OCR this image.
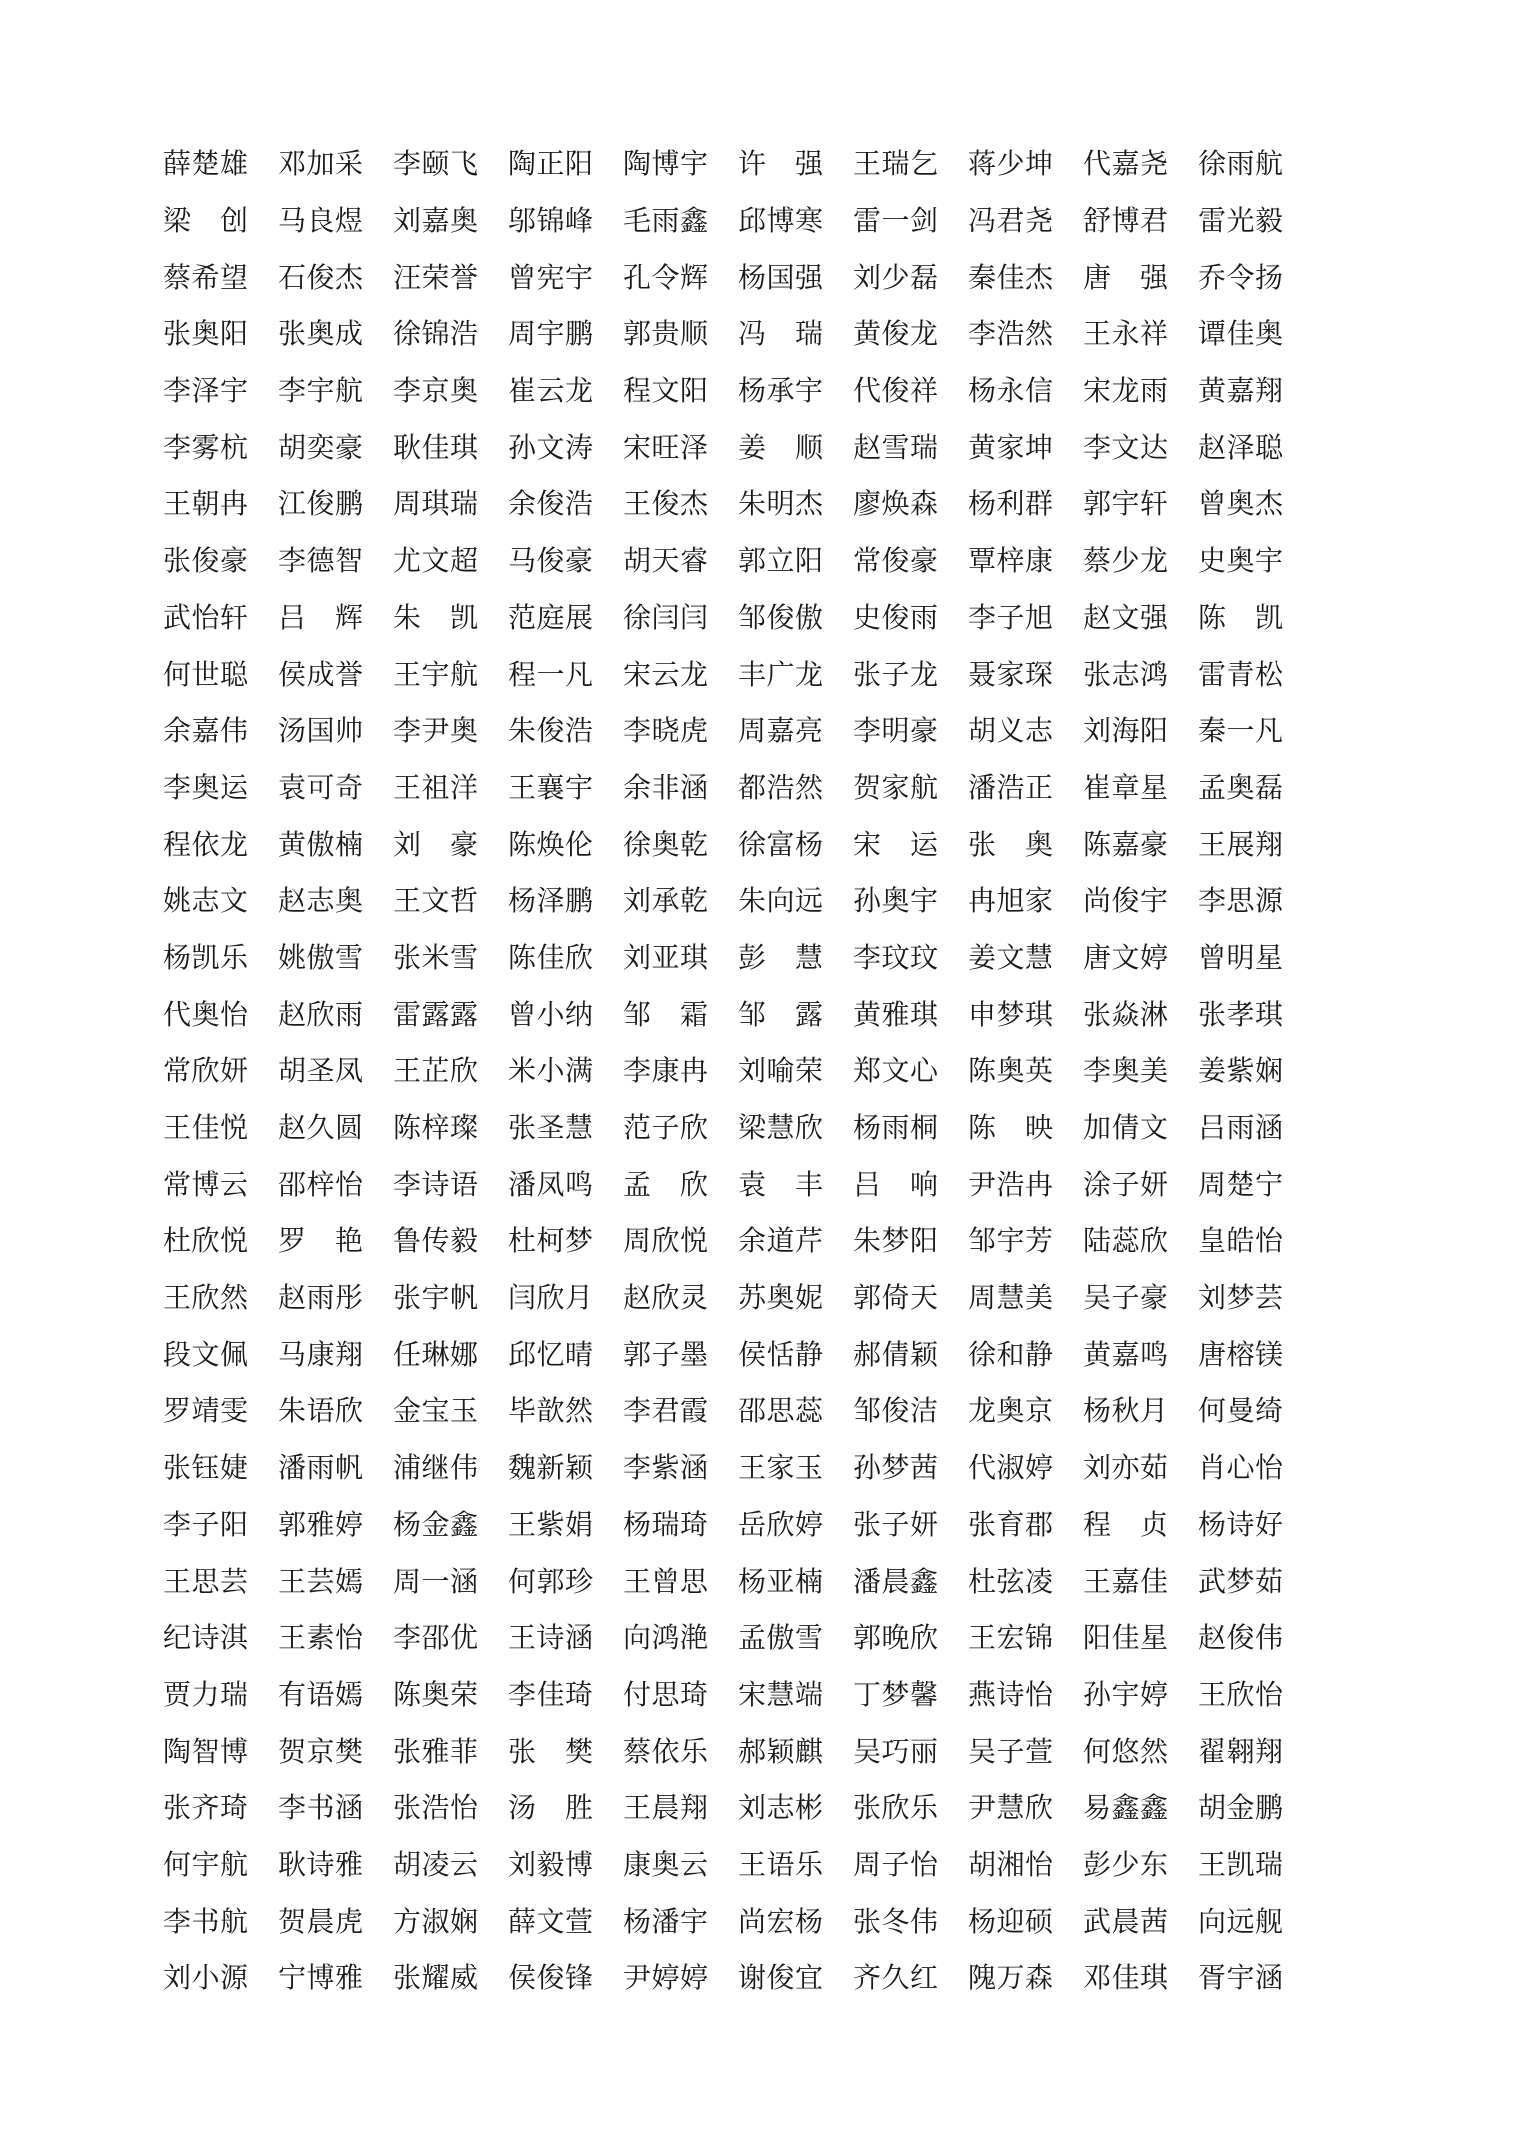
薛楚雄	邓加采	李颐飞	陶正阳	陶博宇	许　强	王瑞乞	蒋少坤	代嘉尧	徐雨航
梁　创	马良煜	刘嘉奥	邬锦峰	毛雨鑫	邱博寒	雷一剑	冯君尧	舒博君	雷光毅
蔡希望	石俊杰	汪荣誉	曾宪宇	孔令辉	杨国强	刘少磊	秦佳杰	唐　强	乔令扬
张奥阳	张奥成	徐锦浩	周宇鹏	郭贵顺	冯　瑞	黄俊龙	李浩然	王永祥	谭佳奥
李泽宇	李宇航	李京奥	崔云龙	程文阳	杨承宇	代俊祥	杨永信	宋龙雨	黄嘉翔
李雾杭	胡奕豪	耿佳琪	孙文涛	宋旺泽	姜　顺	赵雪瑞	黄家坤	李文达	赵泽聪
王朝冉	江俊鹏	周琪瑞	余俊浩	王俊杰	朱明杰	廖焕森	杨利群	郭宇轩	曾奥杰
张俊豪	李德智	尤文超	马俊豪	胡天睿	郭立阳	常俊豪	覃梓康	蔡少龙	史奥宇
武怡轩	吕　辉	朱　凯	范庭展	徐闫闫	邹俊傲	史俊雨	李子旭	赵文强	陈　凯
何世聪	侯成誉	王宇航	程一凡	宋云龙	丰广龙	张子龙	聂家琛	张志鸿	雷青松
余嘉伟	汤国帅	李尹奥	朱俊浩	李晓虎	周嘉亮	李明豪	胡义志	刘海阳	秦一凡
李奥运	袁可奇	王祖洋	王襄宇	余非涵	都浩然	贺家航	潘浩正	崔章星	孟奥磊
程依龙	黄傲楠	刘　豪	陈焕伦	徐奥乾	徐富杨	宋　运	张　奥	陈嘉豪	王展翔
姚志文	赵志奥	王文哲	杨泽鹏	刘承乾	朱向远	孙奥宇	冉旭家	尚俊宇	李思源
杨凯乐	姚傲雪	张米雪	陈佳欣	刘亚琪	彭　慧	李玟玟	姜文慧	唐文婷	曾明星
代奥怡	赵欣雨	雷露露	曾小纳	邹　霜	邹　露	黄雅琪	申梦琪	张焱淋	张孝琪
常欣妍	胡圣凤	王芷欣	米小满	李康冉	刘喻荣	郑文心	陈奥英	李奥美	姜紫娴
王佳悦	赵久圆	陈梓璨	张圣慧	范子欣	梁慧欣	杨雨桐	陈　映	加倩文	吕雨涵
常博云	邵梓怡	李诗语	潘凤鸣	孟　欣	袁　丰	吕　响	尹浩冉	涂子妍	周楚宁
杜欣悦	罗　艳	鲁传毅	杜柯梦	周欣悦	余道芹	朱梦阳	邹宇芳	陆蕊欣	皇皓怡
王欣然	赵雨彤	张宇帆	闫欣月	赵欣灵	苏奥妮	郭倚天	周慧美	吴子豪	刘梦芸
段文佩	马康翔	任琳娜	邱忆晴	郭子墨	侯恬静	郝倩颖	徐和静	黄嘉鸣	唐榕镁
罗靖雯	朱语欣	金宝玉	毕歆然	李君霞	邵思蕊	邹俊洁	龙奥京	杨秋月	何曼绮
张钰婕	潘雨帆	浦继伟	魏新颖	李紫涵	王家玉	孙梦茜	代淑婷	刘亦茹	肖心怡
李子阳	郭雅婷	杨金鑫	王紫娟	杨瑞琦	岳欣婷	张子妍	张育郡	程　贞	杨诗好
王思芸	王芸嫣	周一涵	何郭珍	王曾思	杨亚楠	潘晨鑫	杜弦凌	王嘉佳	武梦茹
纪诗淇	王素怡	李邵优	王诗涵	向鸿滟	孟傲雪	郭晚欣	王宏锦	阳佳星	赵俊伟
贾力瑞	有语嫣	陈奥荣	李佳琦	付思琦	宋慧端	丁梦馨	燕诗怡	孙宇婷	王欣怡
陶智博	贺京樊	张雅菲	张　樊	蔡依乐	郝颖麒	吴巧丽	吴子萱	何悠然	翟翱翔
张齐琦	李书涵	张浩怡	汤　胜	王晨翔	刘志彬	张欣乐	尹慧欣	易鑫鑫	胡金鹏
何宇航	耿诗雅	胡凌云	刘毅博	康奥云	王语乐	周子怡	胡湘怡	彭少东	王凯瑞
李书航	贺晨虎	方淑娴	薛文萱	杨潘宇	尚宏杨	张冬伟	杨迎硕	武晨茜	向远舰
刘小源	宁博雅	张耀威	侯俊锋	尹婷婷	谢俊宜	齐久红	隗万森	邓佳琪	胥宇涵
